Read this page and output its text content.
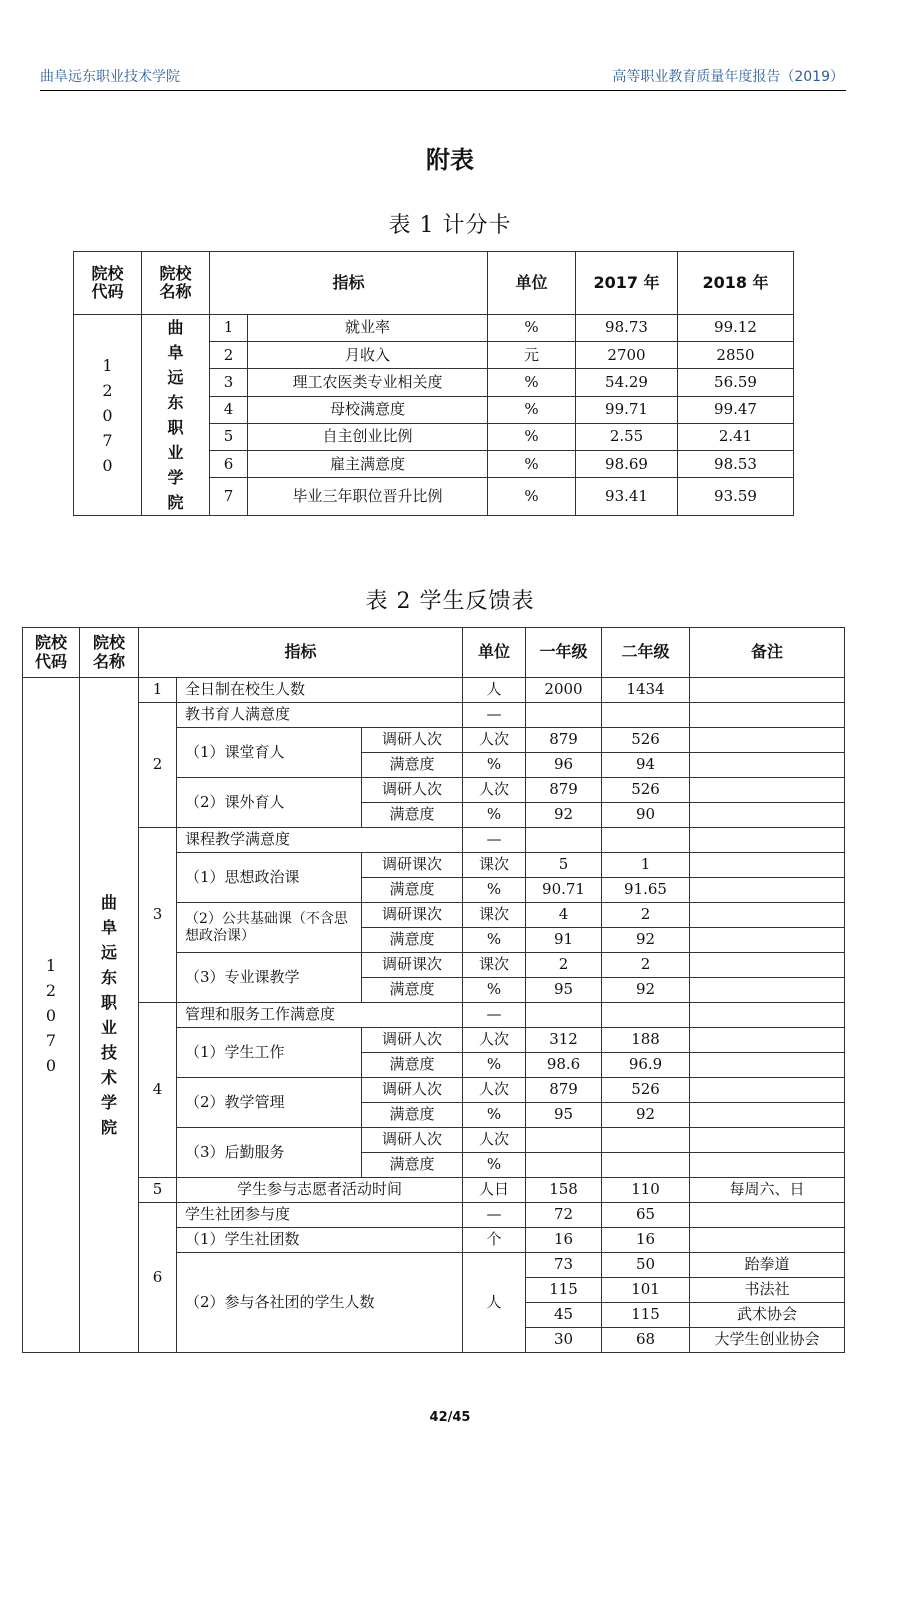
曲阜远东职业技术学院	高等职业教育质量年度报告（2019）
附表
表 1 计分卡
院校代码	院校名称	指标		单位	2017 年	2018 年
12070	曲阜远东职业学院	1	就业率	%	98.73	99.12
		2	月收入	元	2700	2850
		3	理工农医类专业相关度	%	54.29	56.59
		4	母校满意度	%	99.71	99.47
		5	自主创业比例	%	2.55	2.41
		6	雇主满意度	%	98.69	98.53
		7	毕业三年职位晋升比例	%	93.41	93.59
表 2 学生反馈表
院校代码	院校名称	指标			单位	一年级	二年级	备注
12070	曲阜远东职业技术学院	1	全日制在校生人数		人	2000	1434	
		2	教书育人满意度		—			
			（1）课堂育人	调研人次	人次	879	526	
				满意度	%	96	94	
			（2）课外育人	调研人次	人次	879	526	
				满意度	%	92	90	
		3	课程教学满意度		—			
			（1）思想政治课	调研课次	课次	5	1	
				满意度	%	90.71	91.65	
			（2）公共基础课（不含思想政治课）	调研课次	课次	4	2	
				满意度	%	91	92	
			（3）专业课教学	调研课次	课次	2	2	
				满意度	%	95	92	
		4	管理和服务工作满意度		—			
			（1）学生工作	调研人次	人次	312	188	
				满意度	%	98.6	96.9	
			（2）教学管理	调研人次	人次	879	526	
				满意度	%	95	92	
			（3）后勤服务	调研人次	人次			
				满意度	%			
		5	学生参与志愿者活动时间		人日	158	110	每周六、日
		6	学生社团参与度		—	72	65	
			（1）学生社团数		个	16	16	
			（2）参与各社团的学生人数		人	73	50	跆拳道
						115	101	书法社
						45	115	武术协会
						30	68	大学生创业协会
42/45
